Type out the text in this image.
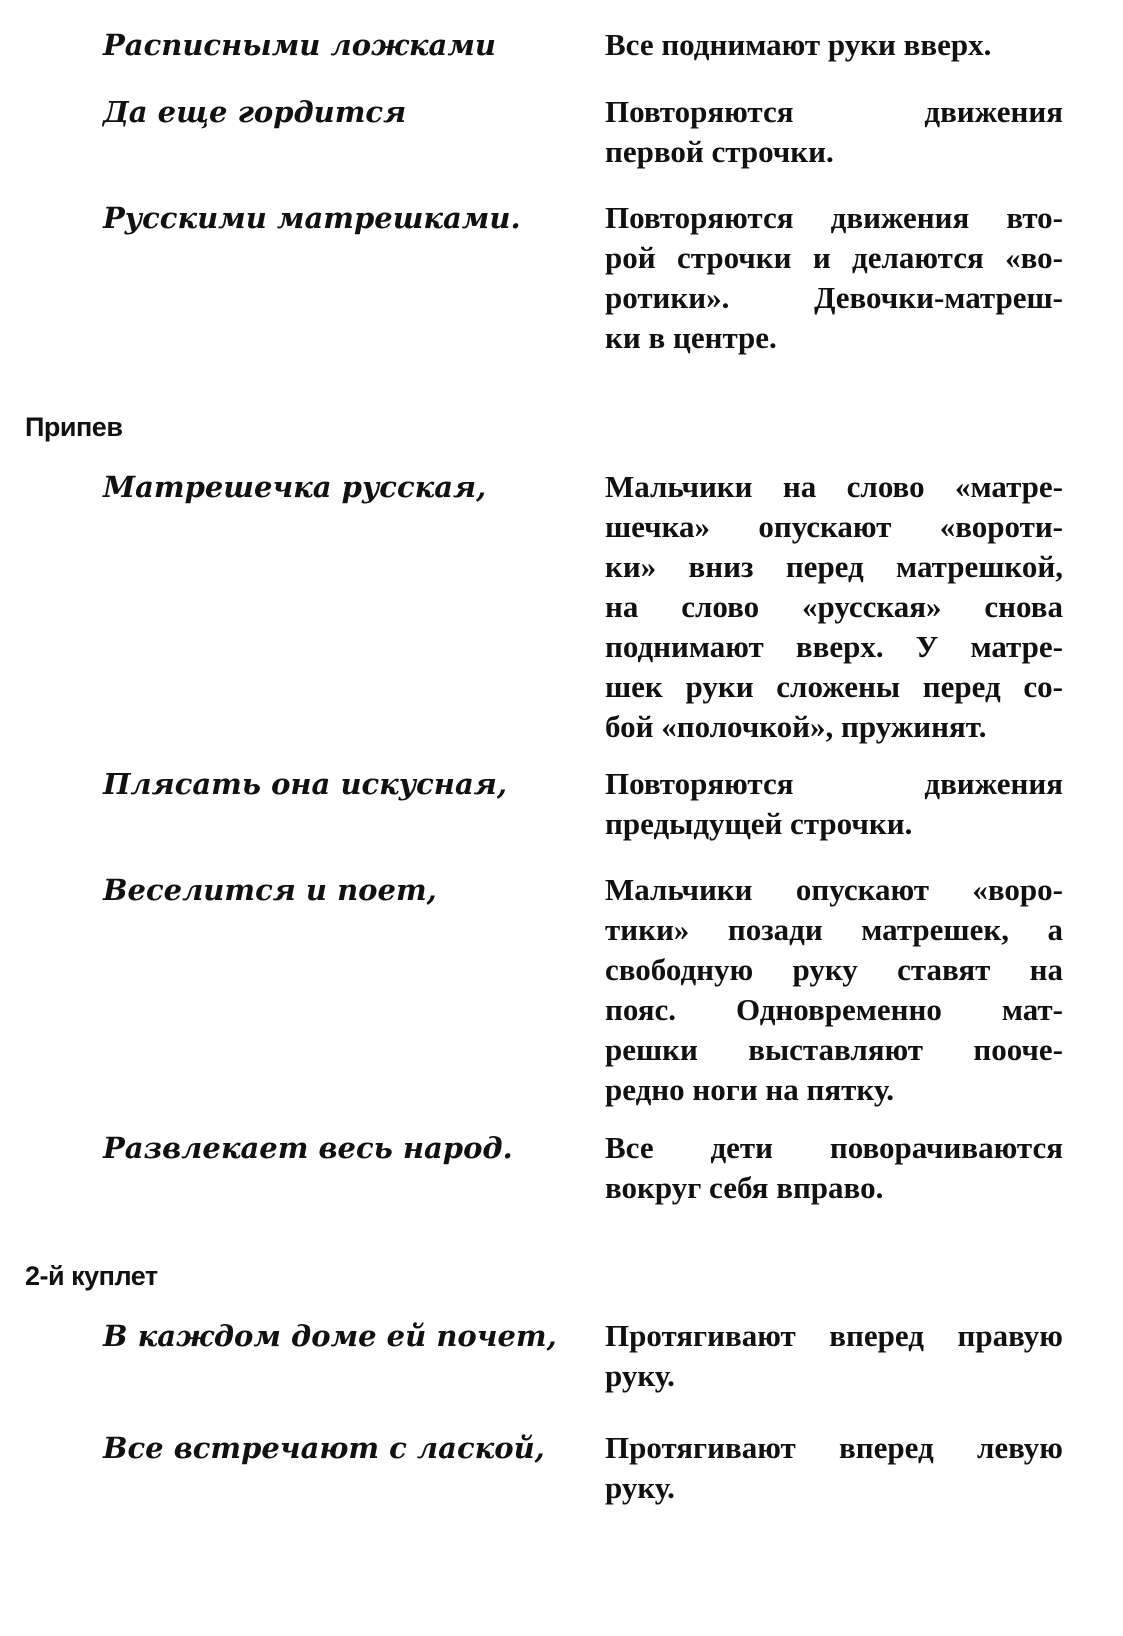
Расписными ложками	Все поднимают руки вверх.
Да еще гордится	Повторяются движения
первой строчки.
Русскими матрешками.	Повторяются движения вто-
рой строчки и делаются «во-
ротики». Девочки-матреш-
ки в центре.
Припев
Матрешечка русская,	Мальчики на слово «матре-
шечка» опускают «вороти-
ки» вниз перед матрешкой,
на слово «русская» снова
поднимают вверх. У матре-
шек руки сложены перед со-
бой «полочкой», пружинят.
Плясать она искусная,	Повторяются движения
предыдущей строчки.
Веселится и поет,	Мальчики опускают «воро-
тики» позади матрешек, а
свободную руку ставят на
пояс. Одновременно мат-
решки выставляют пооче-
редно ноги на пятку.
Развлекает весь народ.	Все дети поворачиваются
вокруг себя вправо.
2-й куплет
В каждом доме ей почет,	Протягивают вперед правую
руку.
Все встречают с лаской,	Протягивают вперед левую
руку.
